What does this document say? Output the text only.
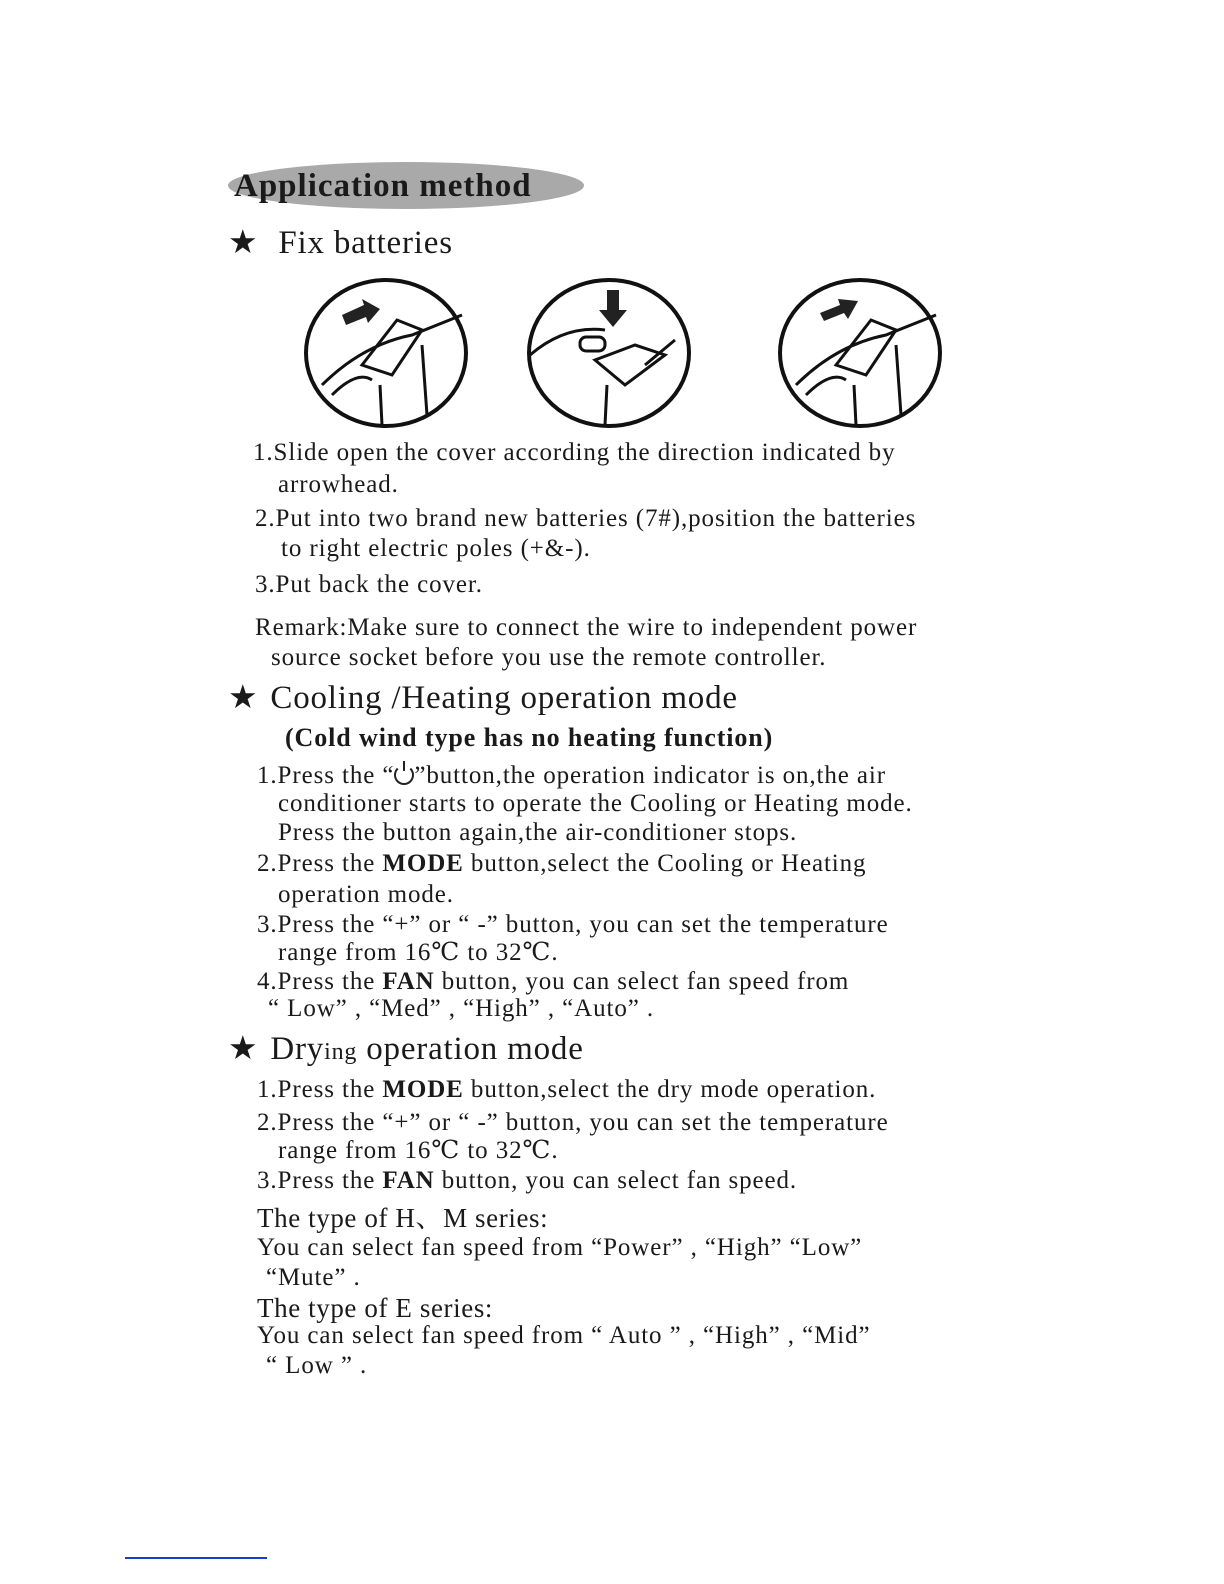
Application method
★ Fix batteries
1.Slide open the cover according the direction indicated by
arrowhead.
2.Put into two brand new batteries (7#),position the batteries
to right electric poles (+&-).
3.Put back the cover.
Remark:Make sure to connect the wire to independent power
source socket before you use the remote controller.
★ Cooling /Heating operation mode
(Cold wind type has no heating function)
1.Press the “ ”button,the operation indicator is on,the air
conditioner starts to operate the Cooling or Heating mode.
Press the button again,the air-conditioner stops.
2.Press the MODE button,select the Cooling or Heating
operation mode.
3.Press the “+” or “ -” button, you can set the temperature
range from 16℃ to 32℃.
4.Press the FAN button, you can select fan speed from
“ Low” , “Med” , “High” , “Auto” .
★ Drying operation mode
1.Press the MODE button,select the dry mode operation.
2.Press the “+” or “ -” button, you can set the temperature
range from 16℃ to 32℃.
3.Press the FAN button, you can select fan speed.
The type of H、M series:
You can select fan speed from “Power” , “High” “Low”
“Mute” .
The type of E series:
You can select fan speed from “ Auto ” , “High” , “Mid”
“ Low ” .
